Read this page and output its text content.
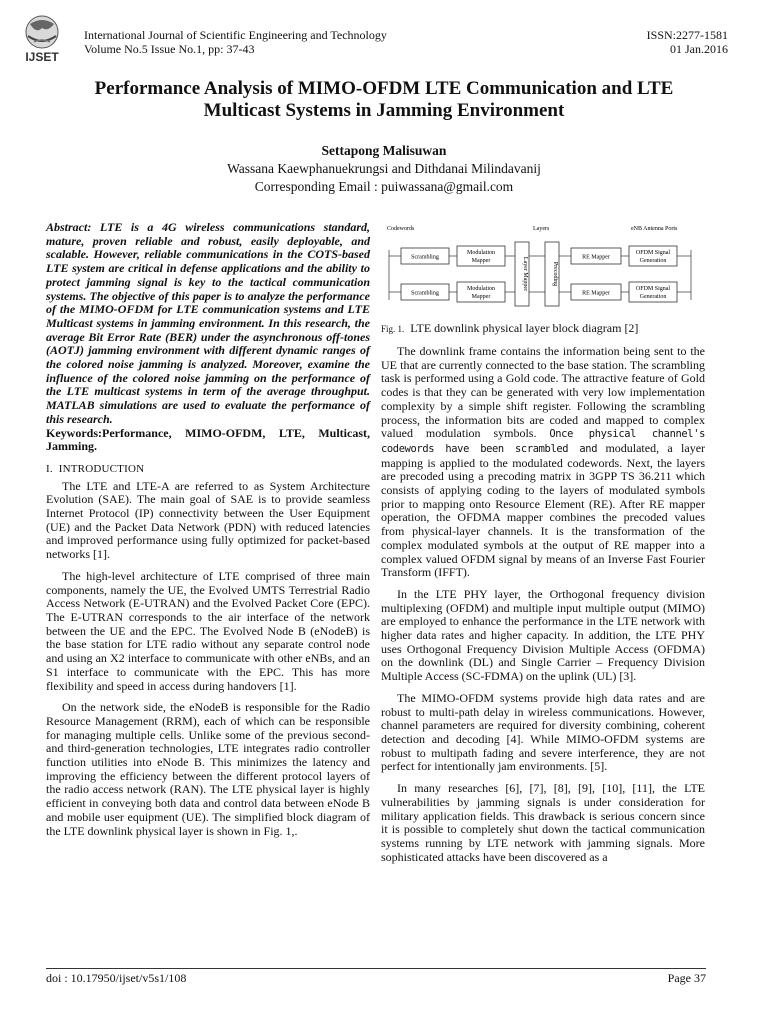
IJSET
International Journal of Scientific Engineering and Technology
Volume No.5 Issue No.1, pp: 37-43
ISSN:2277-1581
01 Jan.2016
Performance Analysis of MIMO-OFDM LTE Communication and LTE
Multicast Systems in Jamming Environment
Settapong Malisuwan
Wassana Kaewphanuekrungsi and Dithdanai Milindavanij
Corresponding Email : puiwassana@gmail.com

Abstract: LTE is a 4G wireless communications standard, mature, proven reliable and robust, easily deployable, and scalable. However, reliable communications in the COTS-based LTE system are critical in defense applications and the ability to protect jamming signal is key to the tactical communication systems. The objective of this paper is to analyze the performance of the MIMO-OFDM for LTE communication systems and LTE Multicast systems in jamming environment. In this research, the average Bit Error Rate (BER) under the asynchronous off-tones (AOTJ) jamming environment with different dynamic ranges of the colored noise jamming is analyzed. Moreover, examine the influence of the colored noise jamming on the performance of the LTE multicast systems in term of the average throughput. MATLAB simulations are used to evaluate the performance of this research.

Keywords:Performance, MIMO-OFDM, LTE, Multicast, Jamming.

I. INTRODUCTION

The LTE and LTE-A are referred to as System Architecture Evolution (SAE). The main goal of SAE is to provide seamless Internet Protocol (IP) connectivity between the User Equipment (UE) and the Packet Data Network (PDN) with reduced latencies and improved performance using fully optimized for packet-based networks [1].

The high-level architecture of LTE comprised of three main components, namely the UE, the Evolved UMTS Terrestrial Radio Access Network (E-UTRAN) and the Evolved Packet Core (EPC). The E-UTRAN corresponds to the air interface of the network between the UE and the EPC. The Evolved Node B (eNodeB) is the base station for LTE radio without any separate control node and using an X2 interface to communicate with other eNBs, and an S1 interface to communicate with the EPC. This has more flexibility and speed in access during handovers [1].

On the network side, the eNodeB is responsible for the Radio Resource Management (RRM), each of which can be responsible for managing multiple cells. Unlike some of the previous second- and third-generation technologies, LTE integrates radio controller function utilities into eNode B. This minimizes the latency and improving the efficiency between the different protocol layers of the radio access network (RAN). The LTE physical layer is highly efficient in conveying both data and control data between eNode B and mobile user equipment (UE). The simplified block diagram of the LTE downlink physical layer is shown in Fig. 1,.

Codewords	Layers	eNB Antenna Ports
Scrambling
Modulation
Mapper
RE Mapper
OFDM Signal
Generation
Scrambling
Modulation
Mapper
RE Mapper
OFDM Signal
Generation
Layer Mapper	Precoding
Fig. 1. LTE downlink physical layer block diagram [2]

The downlink frame contains the information being sent to the UE that are currently connected to the base station. The scrambling task is performed using a Gold code. The attractive feature of Gold codes is that they can be generated with very low implementation complexity by a simple shift register. Following the scrambling process, the information bits are coded and mapped to complex valued modulation symbols. Once physical channel's codewords have been scrambled and modulated, a layer mapping is applied to the modulated codewords. Next, the layers are precoded using a precoding matrix in 3GPP TS 36.211 which consists of applying coding to the layers of modulated symbols prior to mapping onto Resource Element (RE). After RE mapper operation, the OFDMA mapper combines the precoded values from physical-layer channels. It is the transformation of the complex modulated symbols at the output of RE mapper into a complex valued OFDM signal by means of an Inverse Fast Fourier Transform (IFFT).

In the LTE PHY layer, the Orthogonal frequency division multiplexing (OFDM) and multiple input multiple output (MIMO) are employed to enhance the performance in the LTE network with higher data rates and higher capacity. In addition, the LTE PHY uses Orthogonal Frequency Division Multiple Access (OFDMA) on the downlink (DL) and Single Carrier – Frequency Division Multiple Access (SC-FDMA) on the uplink (UL) [3].

The MIMO-OFDM systems provide high data rates and are robust to multi-path delay in wireless communications. However, channel parameters are required for diversity combining, coherent detection and decoding [4]. While MIMO-OFDM systems are robust to multipath fading and severe interference, they are not perfect for intentionally jam environments. [5].

In many researches [6], [7], [8], [9], [10], [11], the LTE vulnerabilities by jamming signals is under consideration for military application fields. This drawback is serious concern since it is possible to completely shut down the tactical communication systems running by LTE network with jamming signals. More sophisticated attacks have been discovered as a

doi : 10.17950/ijset/v5s1/108	Page 37
